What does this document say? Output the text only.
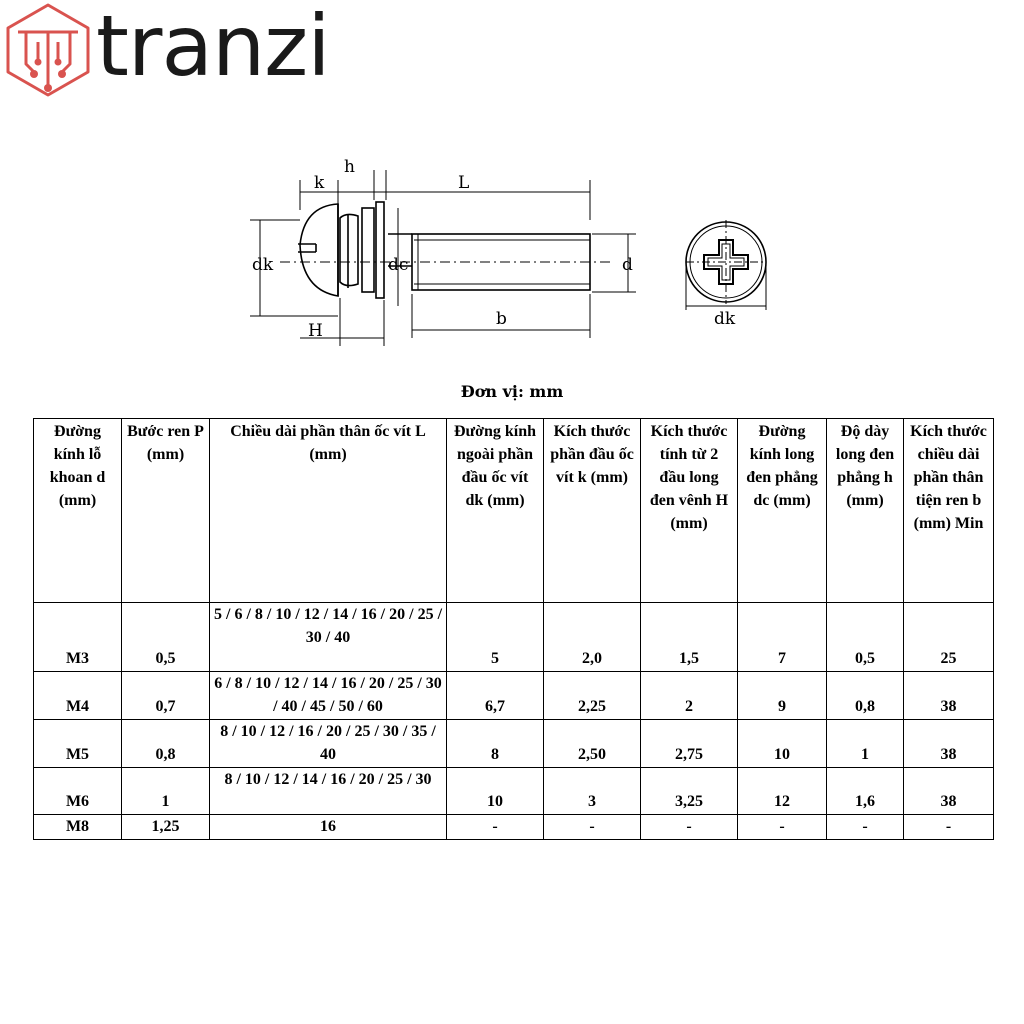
tranzi
k
h
L
dk	dc	d
H
b	dk
Đơn vị: mm
Đường kính lỗ khoan d (mm)	Bước ren P (mm)	Chiều dài phần thân ốc vít L (mm)	Đường kính ngoài phần đầu ốc vít dk (mm)	Kích thước phần đầu ốc vít k (mm)	Kích thước tính từ 2 đầu long đen vênh H (mm)	Đường kính long đen phẳng dc (mm)	Độ dày long đen phẳng h (mm)	Kích thước chiều dài phần thân tiện ren b (mm) Min
M3	0,5	5 / 6 / 8 / 10 / 12 / 14 / 16 / 20 / 25 / 30 / 40	5	2,0	1,5	7	0,5	25
M4	0,7	6 / 8 / 10 / 12 / 14 / 16 / 20 / 25 / 30 / 40 / 45 / 50 / 60	6,7	2,25	2	9	0,8	38
M5	0,8	8 / 10 / 12 / 16 / 20 / 25 / 30 / 35 / 40	8	2,50	2,75	10	1	38
M6	1	8 / 10 / 12 / 14 / 16 / 20 / 25 / 30	10	3	3,25	12	1,6	38
M8	1,25	16	-	-	-	-	-	-
